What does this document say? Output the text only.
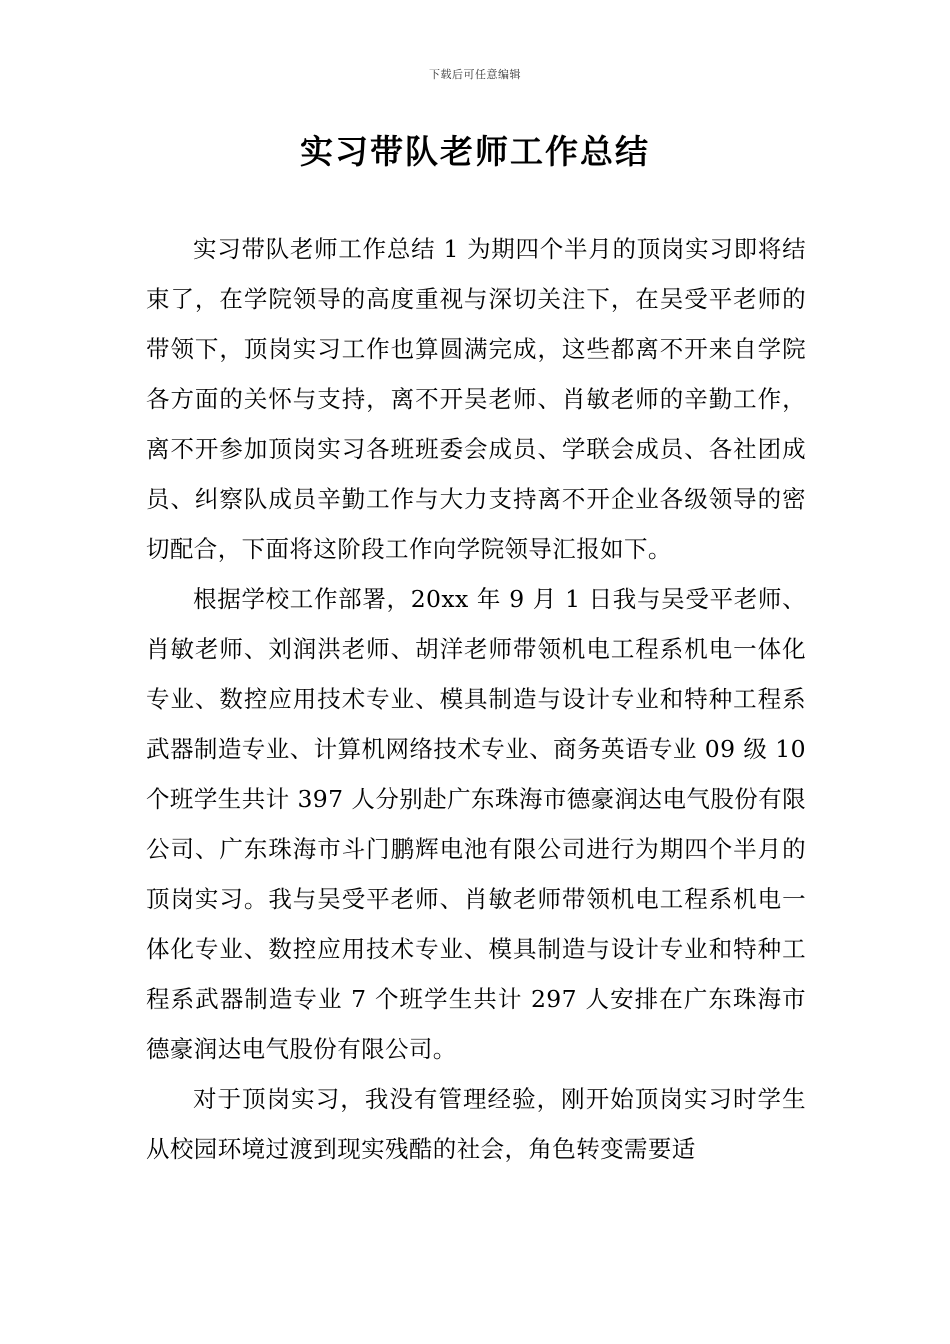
下载后可任意编辑
实习带队老师工作总结

实习带队老师工作总结 1 为期四个半月的顶岗实习即将结束了，在学院领导的高度重视与深切关注下，在吴受平老师的带领下，顶岗实习工作也算圆满完成，这些都离不开来自学院各方面的关怀与支持，离不开吴老师、肖敏老师的辛勤工作，离不开参加顶岗实习各班班委会成员、学联会成员、各社团成员、纠察队成员辛勤工作与大力支持离不开企业各级领导的密切配合，下面将这阶段工作向学院领导汇报如下。

根据学校工作部署，20xx 年 9 月 1 日我与吴受平老师、肖敏老师、刘润洪老师、胡洋老师带领机电工程系机电一体化专业、数控应用技术专业、模具制造与设计专业和特种工程系武器制造专业、计算机网络技术专业、商务英语专业 09 级 10 个班学生共计 397 人分别赴广东珠海市德豪润达电气股份有限公司、广东珠海市斗门鹏辉电池有限公司进行为期四个半月的顶岗实习。我与吴受平老师、肖敏老师带领机电工程系机电一体化专业、数控应用技术专业、模具制造与设计专业和特种工程系武器制造专业 7 个班学生共计 297 人安排在广东珠海市德豪润达电气股份有限公司。

对于顶岗实习，我没有管理经验，刚开始顶岗实习时学生从校园环境过渡到现实残酷的社会，角色转变需要适
